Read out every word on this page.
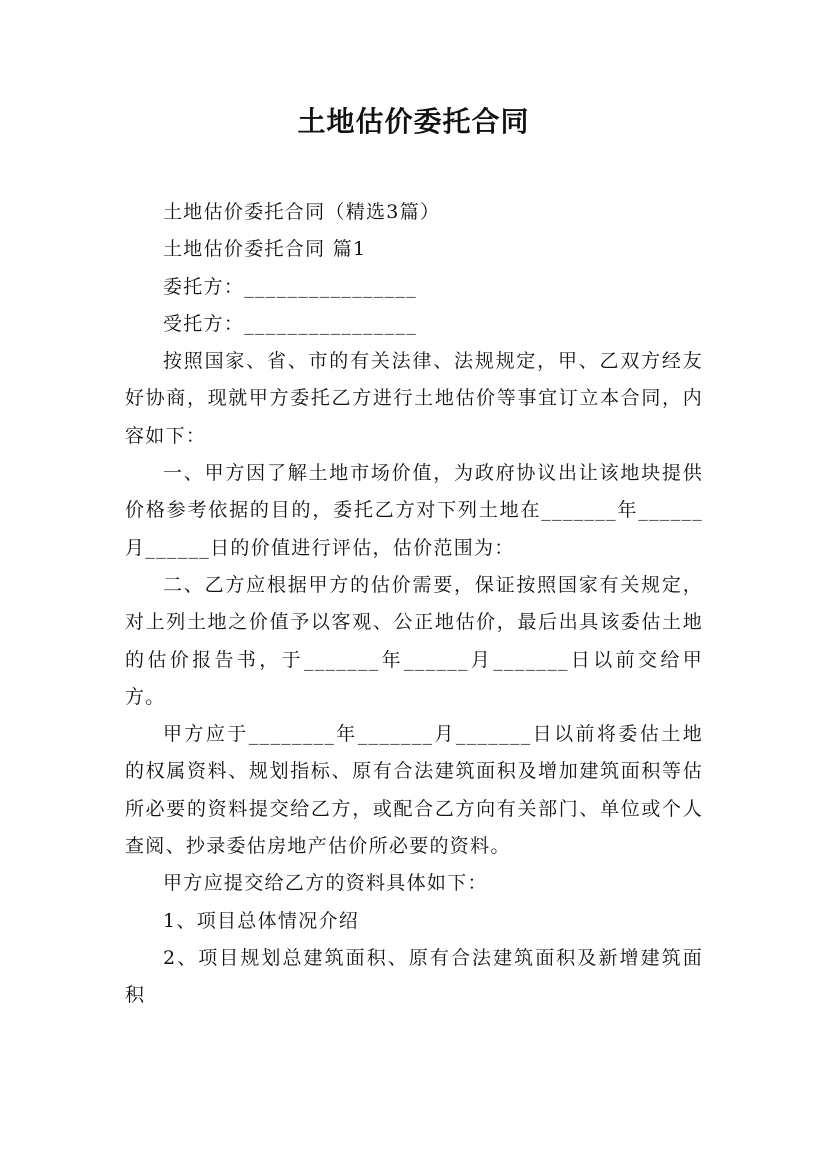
土地估价委托合同

土地估价委托合同（精选3篇）

土地估价委托合同 篇1

委托方：________________

受托方：________________

按照国家、省、市的有关法律、法规规定，甲、乙双方经友好协商，现就甲方委托乙方进行土地估价等事宜订立本合同，内容如下：

一、甲方因了解土地市场价值，为政府协议出让该地块提供价格参考依据的目的，委托乙方对下列土地在_______年______月______日的价值进行评估，估价范围为：

二、乙方应根据甲方的估价需要，保证按照国家有关规定，对上列土地之价值予以客观、公正地估价，最后出具该委估土地的估价报告书，于_______年______月_______日以前交给甲方。

甲方应于________年_______月_______日以前将委估土地的权属资料、规划指标、原有合法建筑面积及增加建筑面积等估所必要的资料提交给乙方，或配合乙方向有关部门、单位或个人查阅、抄录委估房地产估价所必要的资料。

甲方应提交给乙方的资料具体如下：

1、项目总体情况介绍

2、项目规划总建筑面积、原有合法建筑面积及新增建筑面积
